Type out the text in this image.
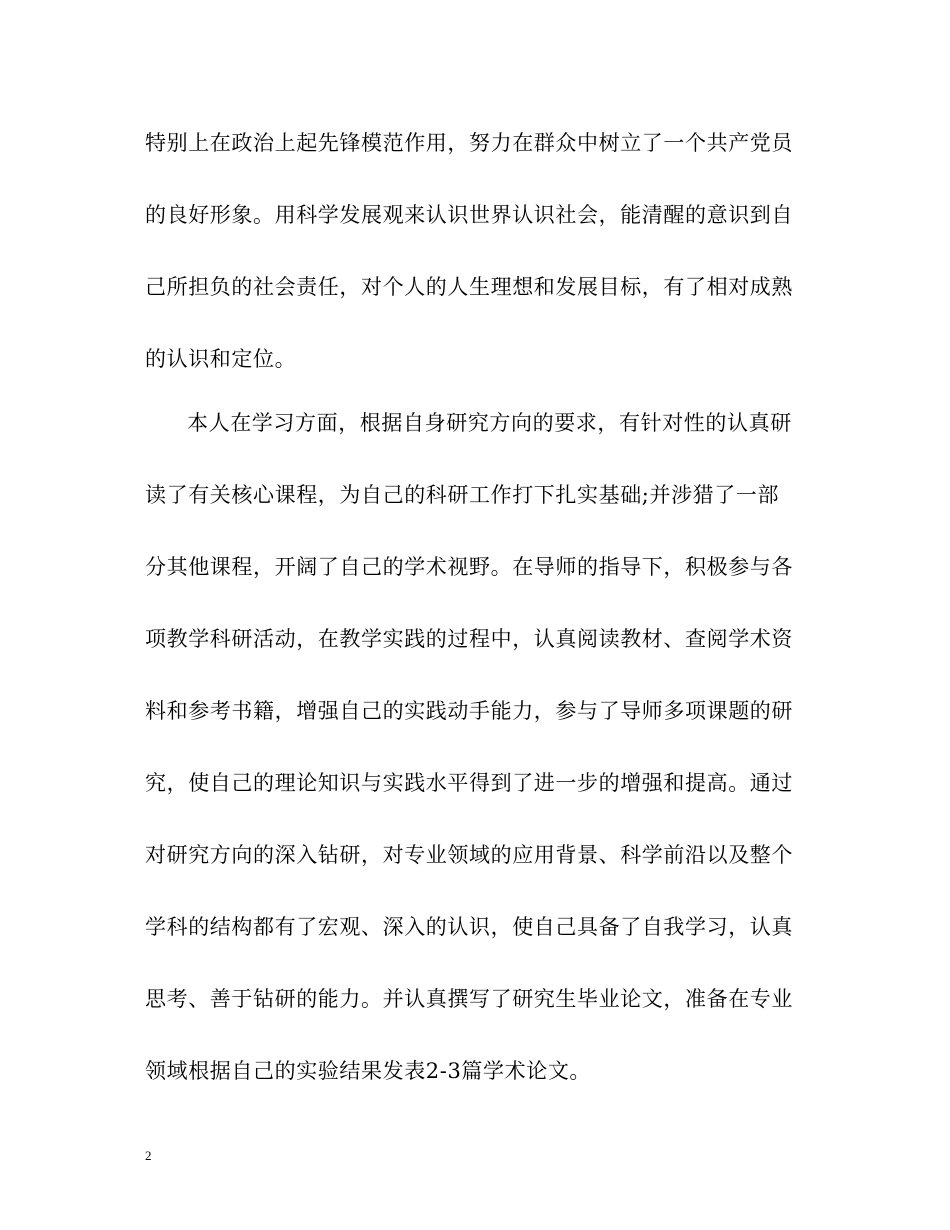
特别上在政治上起先锋模范作用，努力在群众中树立了一个共产党员
的良好形象。用科学发展观来认识世界认识社会，能清醒的意识到自
己所担负的社会责任，对个人的人生理想和发展目标，有了相对成熟
的认识和定位。
本人在学习方面，根据自身研究方向的要求，有针对性的认真研
读了有关核心课程，为自己的科研工作打下扎实基础;并涉猎了一部
分其他课程，开阔了自己的学术视野。在导师的指导下，积极参与各
项教学科研活动，在教学实践的过程中，认真阅读教材、查阅学术资
料和参考书籍，增强自己的实践动手能力，参与了导师多项课题的研
究，使自己的理论知识与实践水平得到了进一步的增强和提高。通过
对研究方向的深入钻研，对专业领域的应用背景、科学前沿以及整个
学科的结构都有了宏观、深入的认识，使自己具备了自我学习，认真
思考、善于钻研的能力。并认真撰写了研究生毕业论文，准备在专业
领域根据自己的实验结果发表2-3篇学术论文。
2
